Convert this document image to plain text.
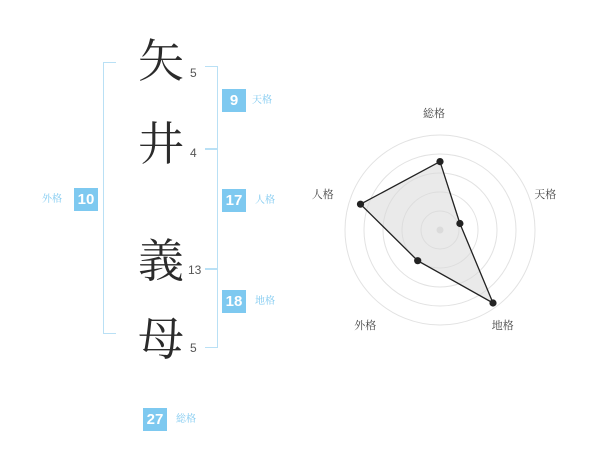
矢 5
井 4
義 13
母 5
9	天格
17	人格
18	地格
外格 10
27	総格
総格
天格
地格
外格
人格
